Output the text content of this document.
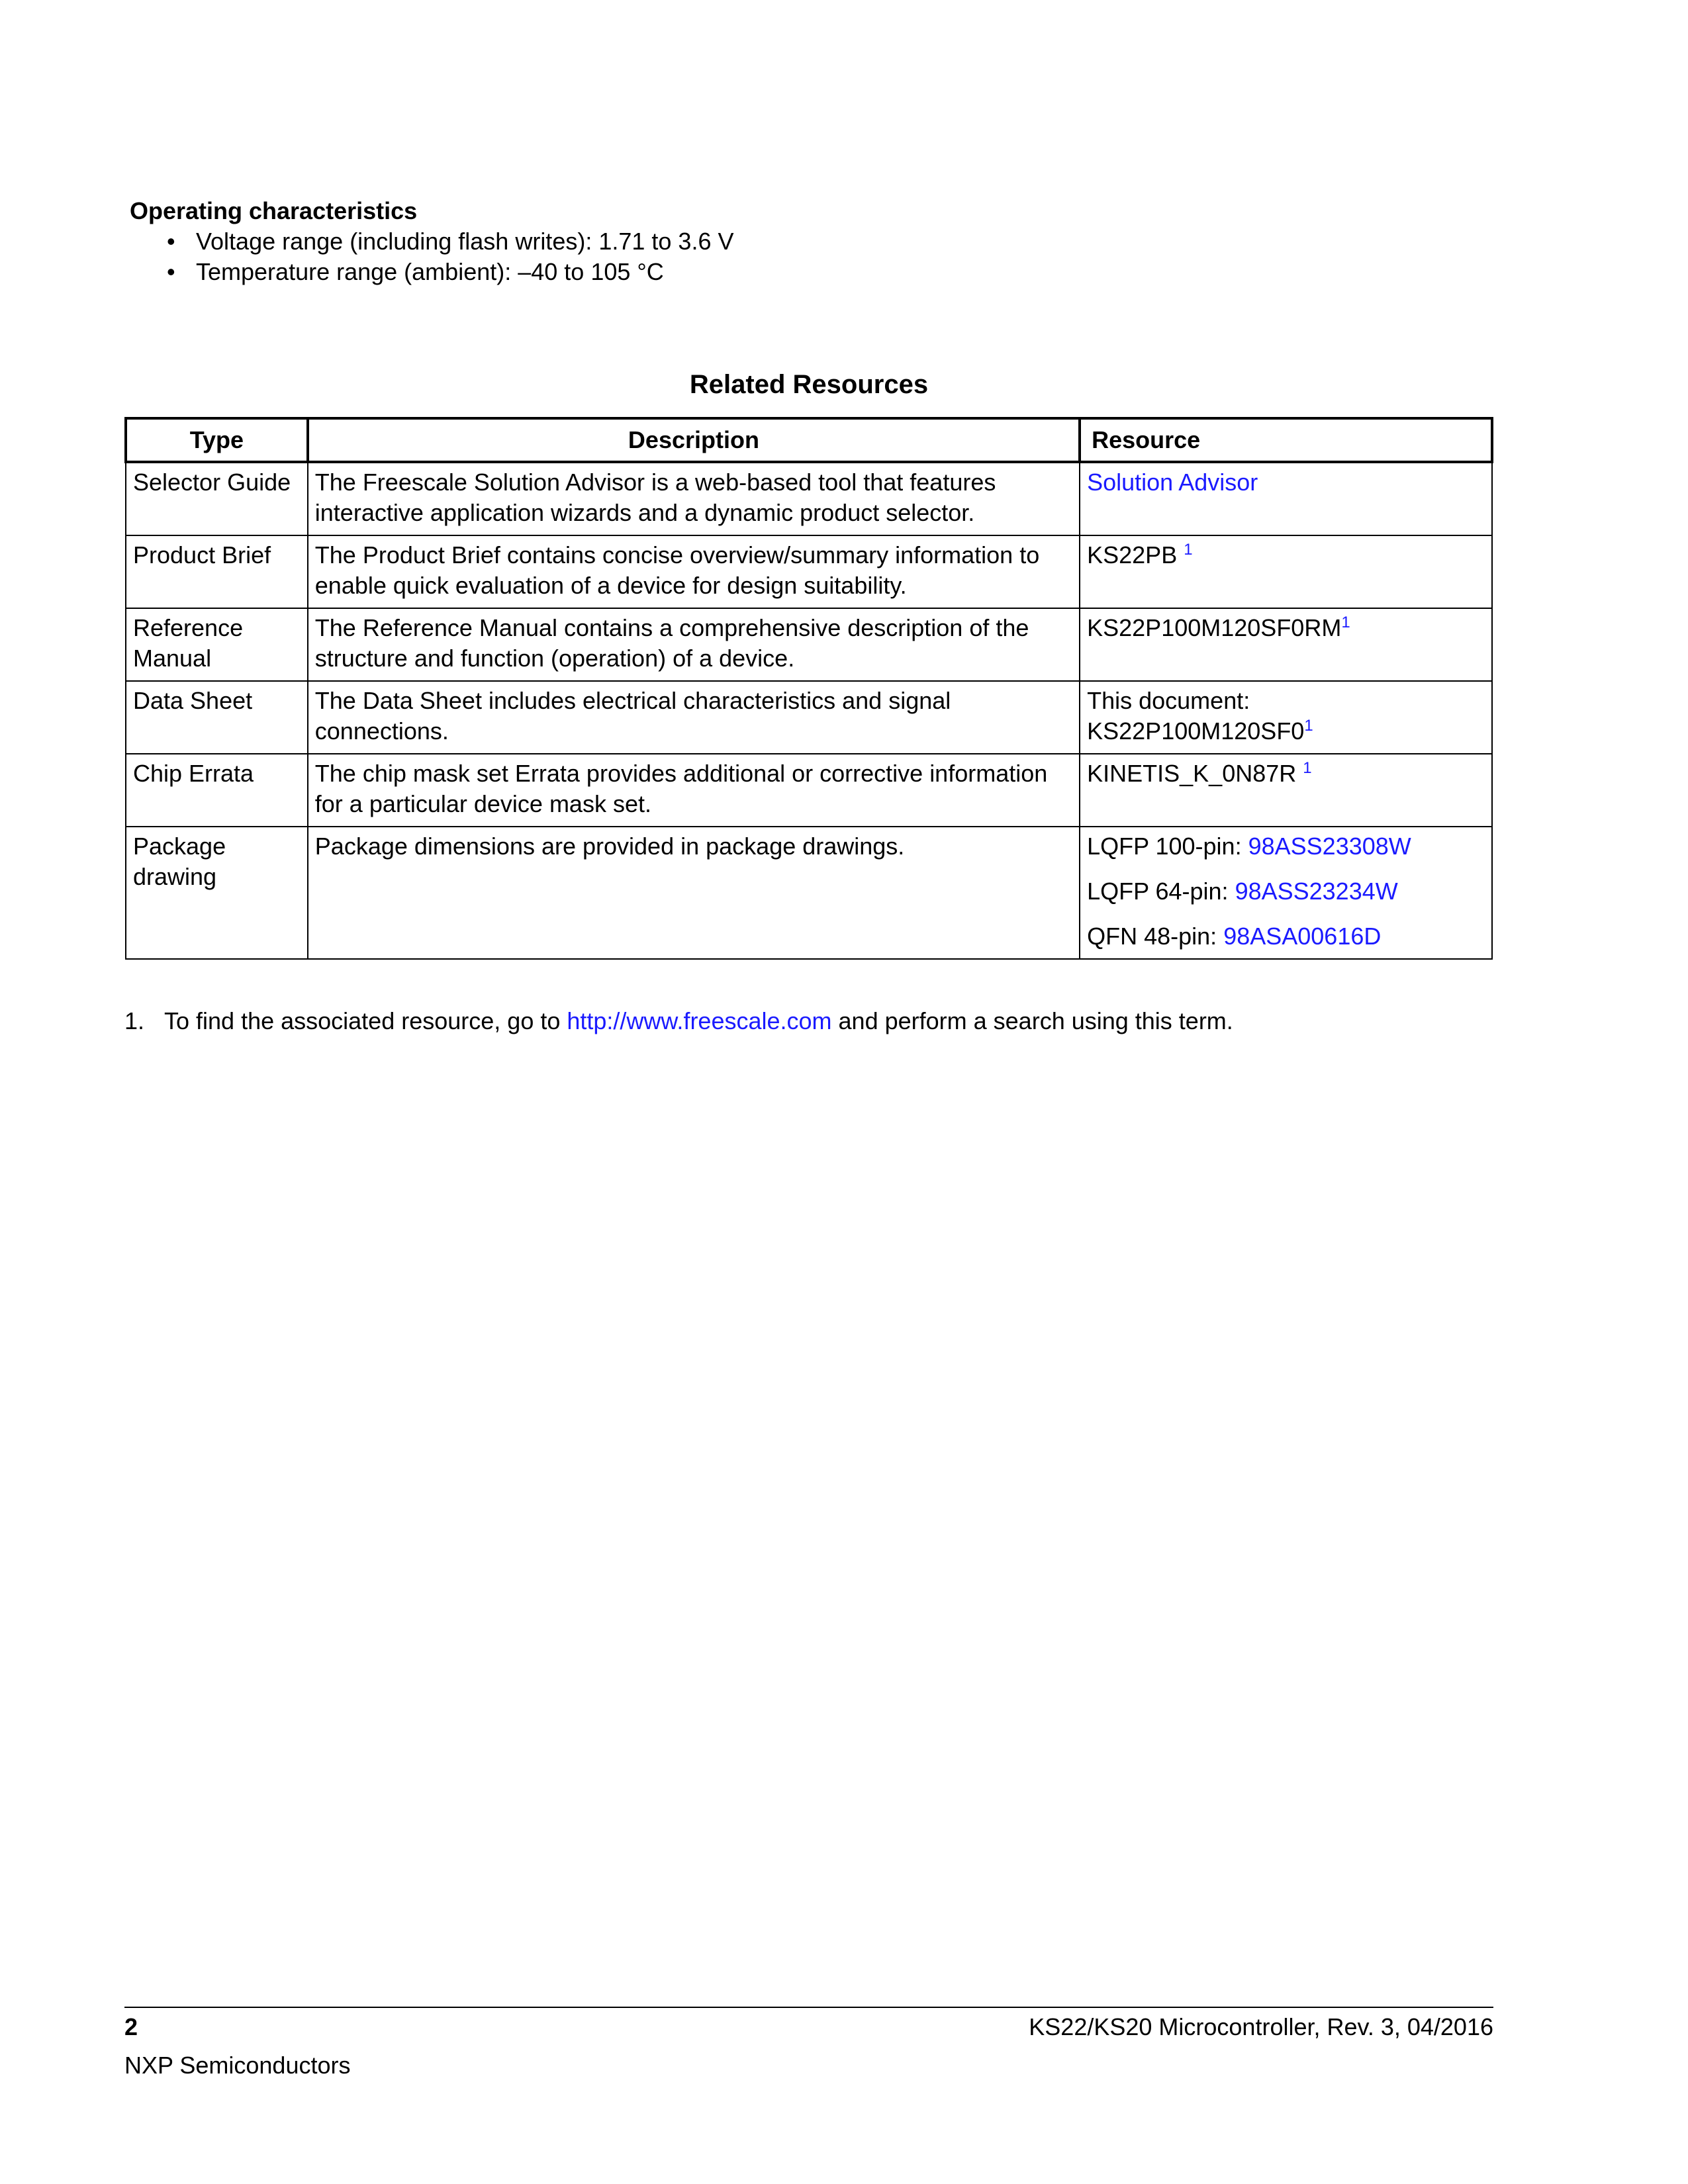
Operating characteristics

• Voltage range (including flash writes): 1.71 to 3.6 V
• Temperature range (ambient): –40 to 105 °C

Related Resources

Type	Description	Resource
Selector Guide	The Freescale Solution Advisor is a web-based tool that features interactive application wizards and a dynamic product selector.	Solution Advisor
Product Brief	The Product Brief contains concise overview/summary information to enable quick evaluation of a device for design suitability.	KS22PB $^1$
Reference Manual	The Reference Manual contains a comprehensive description of the structure and function (operation) of a device.	KS22P100M120SF0RM$^1$
Data Sheet	The Data Sheet includes electrical characteristics and signal connections.	This document:
KS22P100M120SF0$^1$

Chip Errata	The chip mask set Errata provides additional or corrective information for a particular device mask set.	KINETIS_K_0N87R $^1$
Package drawing	Package dimensions are provided in package drawings.	LQFP 100-pin: 98ASS23308W
LQFP 64-pin: 98ASS23234W
QFN 48-pin: 98ASA00616D

1. To find the associated resource, go to http://www.freescale.com and perform a search using this term.

2	KS22/KS20 Microcontroller, Rev. 3, 04/2016
NXP Semiconductors
